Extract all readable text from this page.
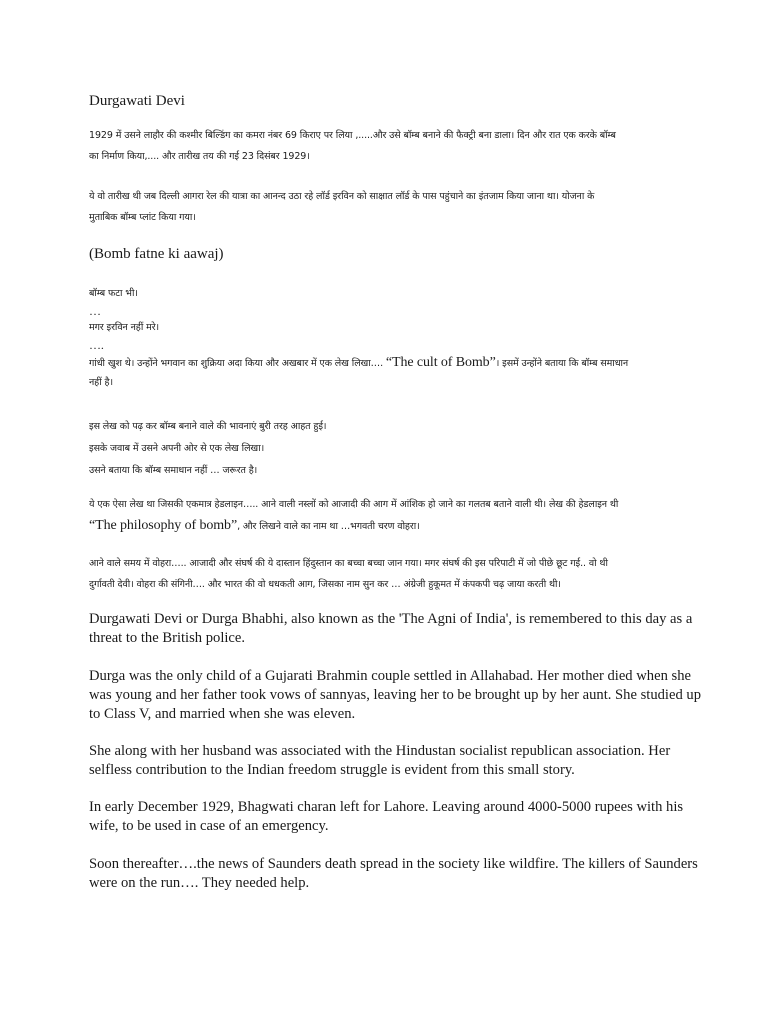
Durgawati Devi
1929 में उसने लाहौर की कश्मीर बिल्डिंग का कमरा नंबर 69 किराए पर लिया ,.....और उसे बॉम्ब बनाने की फैक्ट्री बना डाला। दिन और रात एक करके बॉम्ब
का निर्माण किया,.... और तारीख तय की गई 23 दिसंबर 1929।
ये वो तारीख थी जब दिल्ली आगरा रेल की यात्रा का आनन्द उठा रहे लॉर्ड इरविन को साक्षात लॉर्ड के पास पहुंचाने का इंतजाम किया जाना था। योजना के
मुताबिक बॉम्ब प्लांट किया गया।
(Bomb fatne ki aawaj)
बॉम्ब फटा भी।
…
मगर इरविन नहीं मरे।
….
गांधी खुश थे। उन्होंने भगवान का शुक्रिया अदा किया और अखबार में एक लेख लिखा…. “The cult of Bomb”। इसमें उन्होंने बताया कि बॉम्ब समाधान
नहीं है।
इस लेख को पढ़ कर बॉम्ब बनाने वाले की भावनाएं बुरी तरह आहत हुई।
इसके जवाब में उसने अपनी ओर से एक लेख लिखा।
उसने बताया कि बॉम्ब समाधान नहीं … जरूरत है।
ये एक ऐसा लेख था जिसकी एकमात्र हेडलाइन….. आने वाली नस्लों को आजादी की आग में आंशिक हो जाने का गलतब बताने वाली थी। लेख की हेडलाइन थी
“The philosophy of bomb”, और लिखने वाले का नाम था …भगवती चरण वोहरा।
आने वाले समय में वोहरा….. आजादी और संघर्ष की ये दास्तान हिंदुस्तान का बच्चा बच्चा जान गया। मगर संघर्ष की इस परिपाटी में जो पीछे छूट गई.. वो थी
दुर्गावती देवी। वोहरा की संगिनी…. और भारत की वो धधकती आग, जिसका नाम सुन कर … अंग्रेजी हुकूमत में कंपकपी चढ़ जाया करती थी।
Durgawati Devi or Durga Bhabhi, also known as the 'The Agni of India', is remembered to this day as a
threat to the British police.
Durga was the only child of a Gujarati Brahmin couple settled in Allahabad. Her mother died when she
was young and her father took vows of sannyas, leaving her to be brought up by her aunt. She studied up
to Class V, and married when she was eleven.
She along with her husband was associated with the Hindustan socialist republican association. Her
selfless contribution to the Indian freedom struggle is evident from this small story.
In early December 1929, Bhagwati charan left for Lahore. Leaving around 4000-5000 rupees with his
wife, to be used in case of an emergency.
Soon thereafter….the news of Saunders death spread in the society like wildfire. The killers of Saunders
were on the run…. They needed help.
